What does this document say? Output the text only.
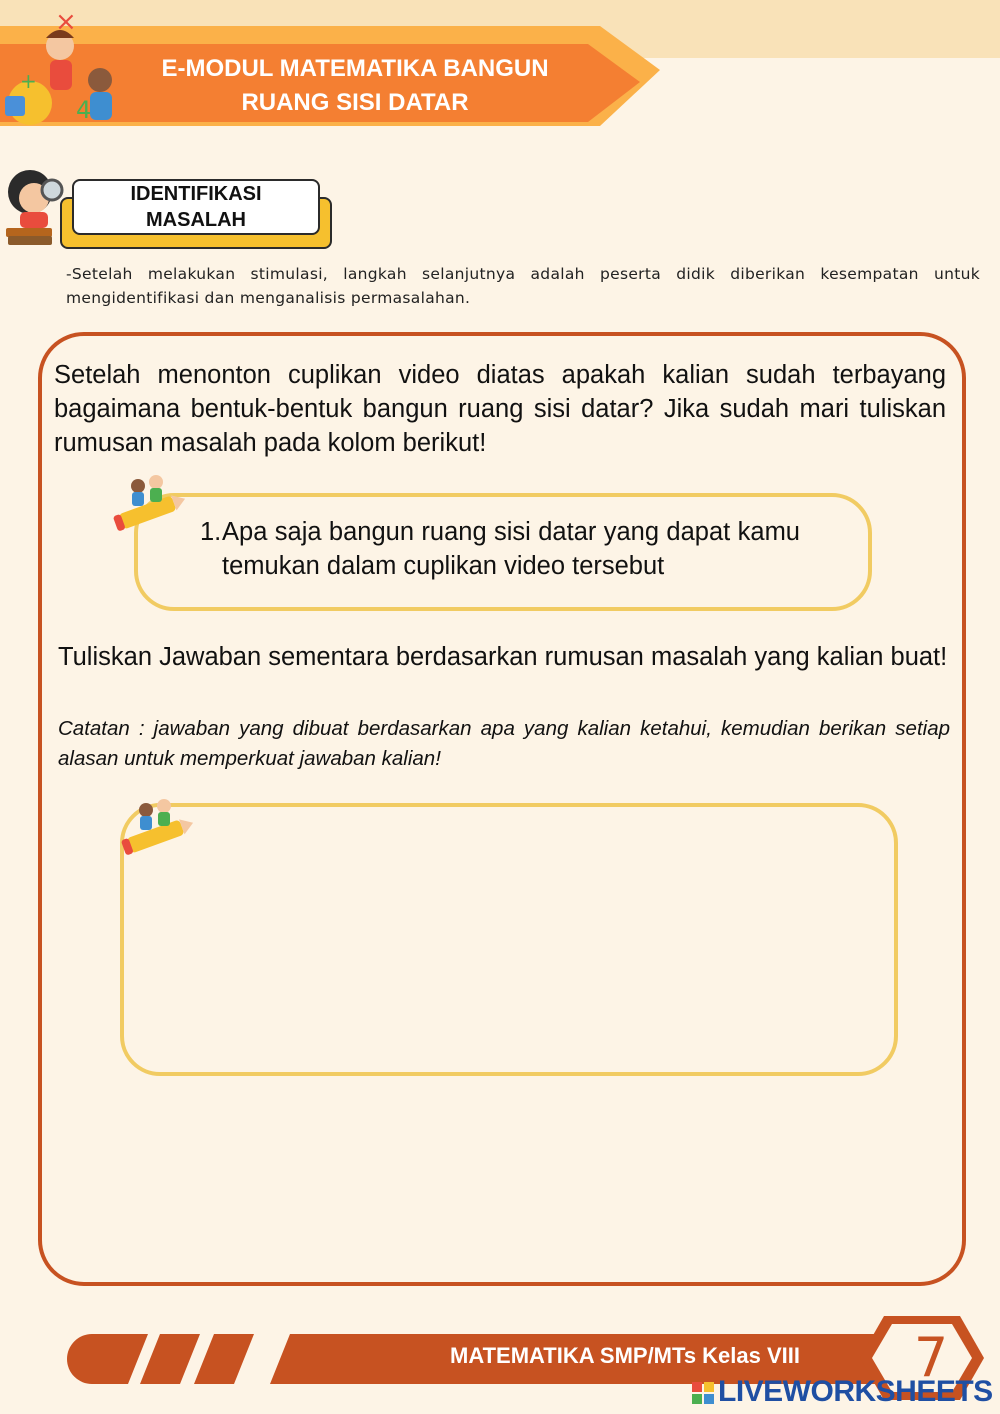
E-MODUL MATEMATIKA BANGUN
RUANG SISI DATAR
×
4
+
IDENTIFIKASI
MASALAH
-Setelah melakukan stimulasi, langkah selanjutnya adalah peserta didik diberikan kesempatan untuk mengidentifikasi dan menganalisis permasalahan.
Setelah menonton cuplikan video diatas apakah kalian sudah terbayang bagaimana bentuk-bentuk bangun ruang sisi datar? Jika sudah mari tuliskan rumusan masalah pada kolom berikut!
1. Apa saja bangun ruang sisi datar yang dapat kamu temukan dalam cuplikan video tersebut
Tuliskan Jawaban sementara berdasarkan rumusan masalah yang kalian buat!
Catatan : jawaban yang dibuat berdasarkan apa yang kalian ketahui, kemudian berikan setiap alasan untuk memperkuat jawaban kalian!
MATEMATIKA SMP/MTs Kelas VIII 7
LIVEWORKSHEETS
